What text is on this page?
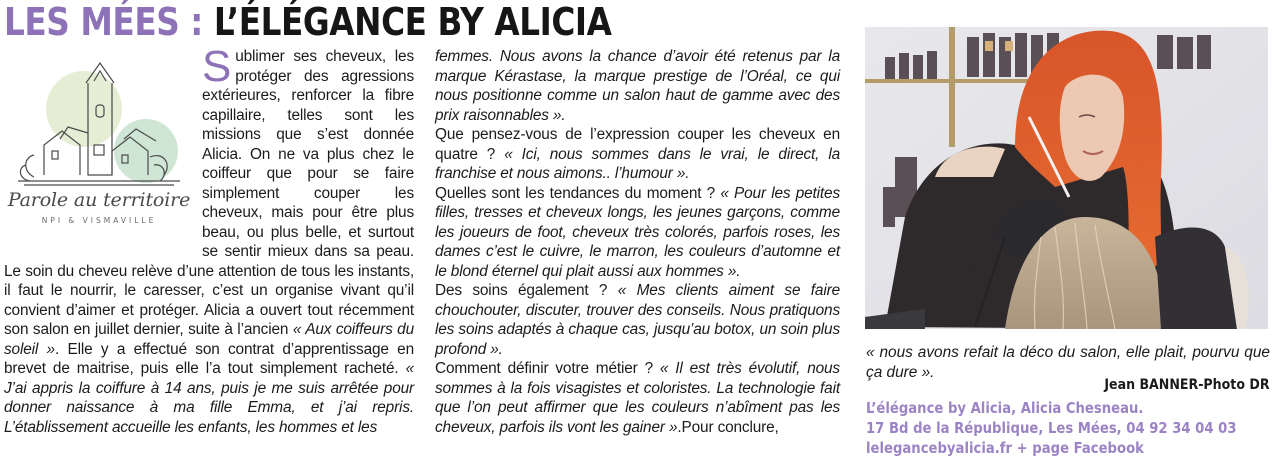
LES MÉES : L’ÉLÉGANCE BY ALICIA
Parole au territoire
NPI & VISMAVILLE
S ublimer ses cheveux, les protéger des agressions extérieures, renforcer la fibre capillaire, telles sont les missions que s’est donnée Alicia. On ne va plus chez le coiffeur que pour se faire simplement couper les cheveux, mais pour être plus beau, ou plus belle, et surtout se sentir mieux dans sa peau. Le soin du cheveu relève d’une attention de tous les instants, il faut le nourrir, le caresser, c’est un organise vivant qu’il convient d’aimer et protéger. Alicia a ouvert tout récemment son salon en juillet dernier, suite à l’ancien « Aux coiffeurs du soleil ». Elle y a effectué son contrat d’apprentissage en brevet de maitrise, puis elle l’a tout simplement racheté. « J’ai appris la coiffure à 14 ans, puis je me suis arrêtée pour donner naissance à ma fille Emma, et j’ai repris. L’établissement accueille les enfants, les hommes et les

femmes. Nous avons la chance d’avoir été retenus par la marque Kérastase, la marque prestige de l’Oréal, ce qui nous positionne comme un salon haut de gamme avec des prix raisonnables ».

Que pensez-vous de l’expression couper les cheveux en quatre ? « Ici, nous sommes dans le vrai, le direct, la franchise et nous aimons.. l’humour ».

Quelles sont les tendances du moment ? « Pour les petites filles, tresses et cheveux longs, les jeunes garçons, comme les joueurs de foot, cheveux très colorés, parfois roses, les dames c’est le cuivre, le marron, les couleurs d’automne et le blond éternel qui plait aussi aux hommes ».

Des soins également ? « Mes clients aiment se faire chouchouter, discuter, trouver des conseils. Nous pratiquons les soins adaptés à chaque cas, jusqu’au botox, un soin plus profond ».

Comment définir votre métier ? « Il est très évolutif, nous sommes à la fois visagistes et coloristes. La technologie fait que l’on peut affirmer que les couleurs n’abîment pas les cheveux, parfois ils vont les gainer ».Pour conclure,

« nous avons refait la déco du salon, elle plait, pourvu que ça dure ».
Jean BANNER-Photo DR
L’élégance by Alicia, Alicia Chesneau.
17 Bd de la République, Les Mées, 04 92 34 04 03
lelegancebyalicia.fr + page Facebook
